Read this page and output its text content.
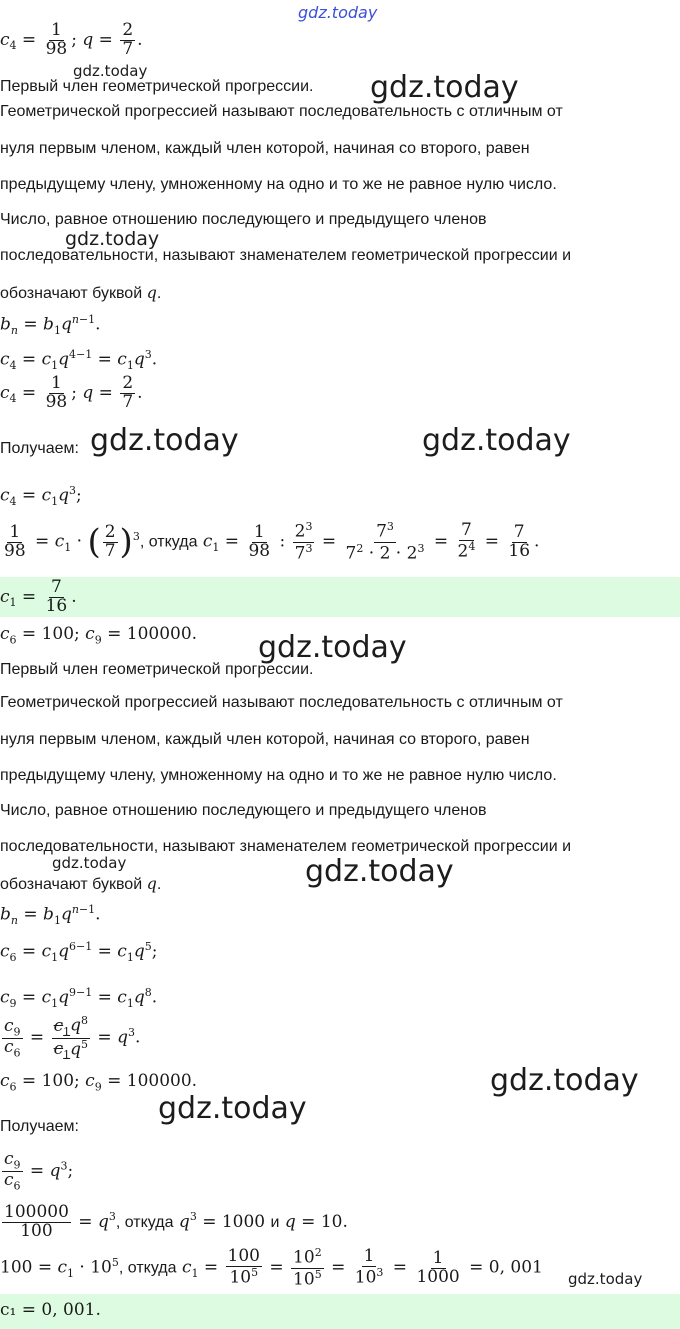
gdz.today
gdz.today	gdz.today
gdz.today
gdz.today	gdz.today
gdz.today
gdz.today	gdz.today
gdz.today
gdz.today
gdz.today
$c_4 = \frac{1}{98}$ ; $q = \frac{2}{7}$ .
Первый член геометрической прогрессии.
Геометрической прогрессией называют последовательность с отличным от
нуля первым членом, каждый член которой, начиная со второго, равен
предыдущему члену, умноженному на одно и то же не равное нулю число.
Число, равное отношению последующего и предыдущего членов
последовательности, называют знаменателем геометрической прогрессии и
обозначают буквой q.
$b_n = b_1q^{n-1}$.
$c_4 = c_1q^{4-1} = c_1q^3$.
$c_4 = \frac{1}{98}$ ; $q = \frac{2}{7}$ .
Получаем:
$c_4 = c_1q^3$;
$\frac{1}{98} = c_1$ · ( $\frac{2}{7} )^3$, откуда $c_1 = \frac{1}{98}$ : $\frac{2^3}{7^3} = \frac{7^3}{7^2 \cdot 2 \cdot 2^3} = \frac{7}{2^4} = \frac{7}{16}$ .
$c_1 = \frac{7}{16}$ .
$c_6 = 100$; $c_9 = 100000$.
Первый член геометрической прогрессии.
Геометрической прогрессией называют последовательность с отличным от
нуля первым членом, каждый член которой, начиная со второго, равен
предыдущему члену, умноженному на одно и то же не равное нулю число.
Число, равное отношению последующего и предыдущего членов
последовательности, называют знаменателем геометрической прогрессии и
обозначают буквой q.
$b_n = b_1q^{n-1}$.
$c_6 = c_1q^{6-1} = c_1q^5$;
$c_9 = c_1q^{9-1} = c_1q^8$.
$\frac{c_9}{c_6} = \frac{c_1q^8}{c_1q^5} = q^3$.
$c_6 = 100$; $c_9 = 100000$.
Получаем:
$\frac{c_9}{c_6} = q^3$;
$\frac{100000}{100} = q^3$, откуда $q^3 = 1000$ и q = 10.
$100 = c_1 \cdot 10^5$, откуда $c_1 = \frac{100}{10^5} = \frac{10^2}{10^5} = \frac{1}{10^3} = \frac{1}{1000} = 0$, 001
c₁ = 0, 001.
